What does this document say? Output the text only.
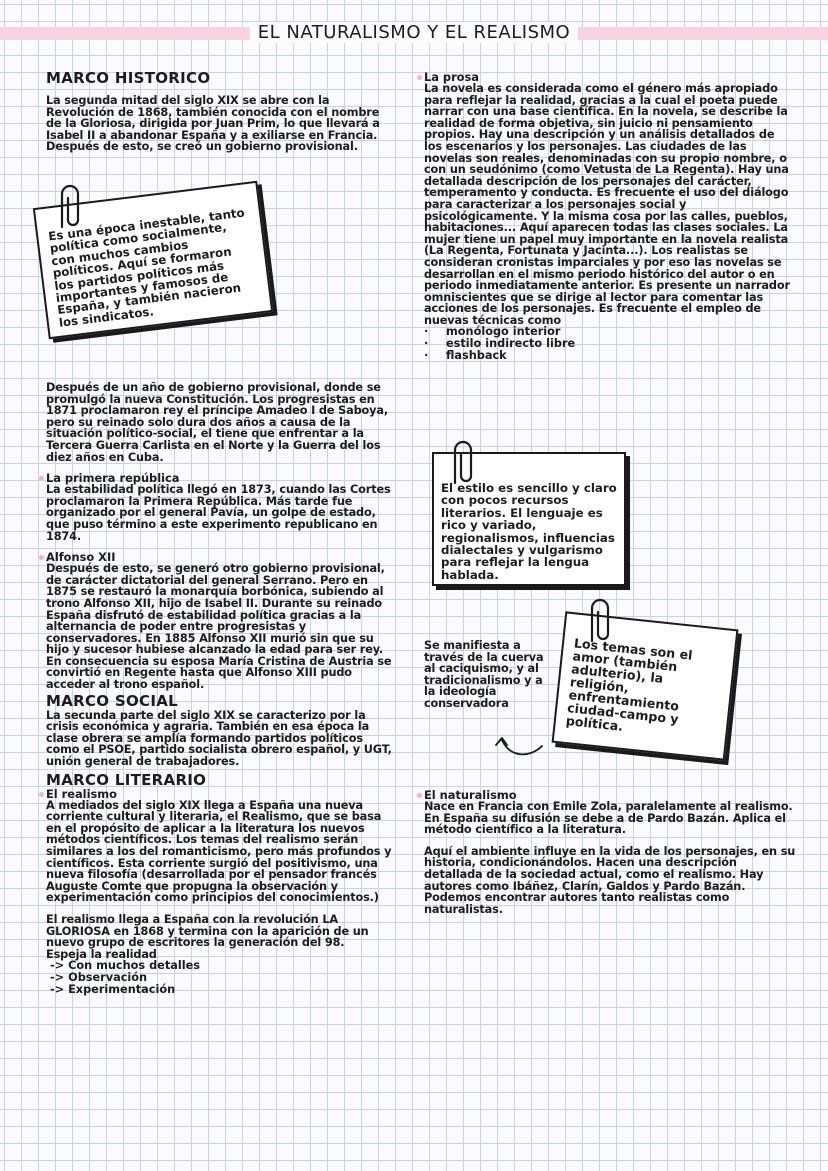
EL NATURALISMO Y EL REALISMO
MARCO HISTORICO

La segunda mitad del siglo XIX se abre con la Revolución de 1868, también conocida con el nombre de la Gloriosa, dirigida por Juan Prim, lo que llevará a Isabel II a abandonar España y a exiliarse en Francia. Después de esto, se creó un gobierno provisional.

Es una época inestable, tanto política como socialmente, con muchos cambios políticos. Aquí se formaron los partidos políticos más importantes y famosos de España, y también nacieron los sindicatos.

Después de un año de gobierno provisional, donde se promulgó la nueva Constitución. Los progresistas en 1871 proclamaron rey el príncipe Amadeo I de Saboya, pero su reinado solo dura dos años a causa de la situación político-social, el tiene que enfrentar a la Tercera Guerra Carlista en el Norte y la Guerra del los diez años en Cuba.

La primera república

La estabilidad política llegó en 1873, cuando las Cortes proclamaron la Primera República. Más tarde fue organizado por el general Pavía, un golpe de estado, que puso término a este experimento republicano en 1874.

Alfonso XII

Después de esto, se generó otro gobierno provisional, de carácter dictatorial del general Serrano. Pero en 1875 se restauró la monarquía borbónica, subiendo al trono Alfonso XII, hijo de Isabel II. Durante su reinado España disfrutó de estabilidad política gracias a la alternancia de poder entre progresistas y conservadores. En 1885 Alfonso XII murió sin que su hijo y sucesor hubiese alcanzado la edad para ser rey. En consecuencia su esposa María Cristina de Austria se convirtió en Regente hasta que Alfonso XIII pudo acceder al trono español.

MARCO SOCIAL

La secunda parte del siglo XIX se caracterizo por la crisis económica y agraria. También en esa época la clase obrera se amplía formando partidos políticos como el PSOE, partido socialista obrero español, y UGT, unión general de trabajadores.

MARCO LITERARIO
El realismo

A mediados del siglo XIX llega a España una nueva corriente cultural y literaria, el Realismo, que se basa en el propósito de aplicar a la literatura los nuevos métodos científicos. Los temas del realismo serán similares a los del romanticismo, pero más profundos y científicos. Esta corriente surgió del positivismo, una nueva filosofía (desarrollada por el pensador francés Auguste Comte que propugna la observación y experimentación como principios del conocimientos.)

El realismo llega a España con la revolución LA GLORIOSA en 1868 y termina con la aparición de un nuevo grupo de escritores la generación del 98.

Espeja la realidad

-> Con muchos detalles
-> Observación
-> Experimentación
La prosa

La novela es considerada como el género más apropiado para reflejar la realidad, gracias a la cual el poeta puede narrar con una base científica. En la novela, se describe la realidad de forma objetiva, sin juicio ni pensamiento propios. Hay una descripción y un análisis detallados de los escenarios y los personajes. Las ciudades de las novelas son reales, denominadas con su propio nombre, o con un seudónimo (como Vetusta de La Regenta). Hay una detallada descripción de los personajes del carácter, temperamento y conducta. Es frecuente el uso del diálogo para caracterizar a los personajes social y psicológicamente. Y la misma cosa por las calles, pueblos, habitaciones... Aquí aparecen todas las clases sociales. La mujer tiene un papel muy importante en la novela realista (La Regenta, Fortunata y Jacinta...). Los realistas se consideran cronistas imparciales y por eso las novelas se desarrollan en el mismo periodo histórico del autor o en periodo inmediatamente anterior. Es presente un narrador omniscientes que se dirige al lector para comentar las acciones de los personajes. Es frecuente el empleo de nuevas técnicas como

· monólogo interior
· estilo indirecto libre
· flashback
El estilo es sencillo y claro con pocos recursos literarios. El lenguaje es rico y variado, regionalismos, influencias dialectales y vulgarismo para reflejar la lengua hablada.

Se manifiesta a través de la cuerva al caciquismo, y al tradicionalismo y a la ideología conservadora

Los temas son el amor (también adulterio), la religión, enfrentamiento ciudad-campo y política.
El naturalismo

Nace en Francia con Emile Zola, paralelamente al realismo. En España su difusión se debe a de Pardo Bazán. Aplica el método científico a la literatura.

Aquí el ambiente influye en la vida de los personajes, en su historia, condicionándolos. Hacen una descripción detallada de la sociedad actual, como el realismo. Hay autores como Ibáñez, Clarín, Galdos y Pardo Bazán. Podemos encontrar autores tanto realistas como naturalistas.
